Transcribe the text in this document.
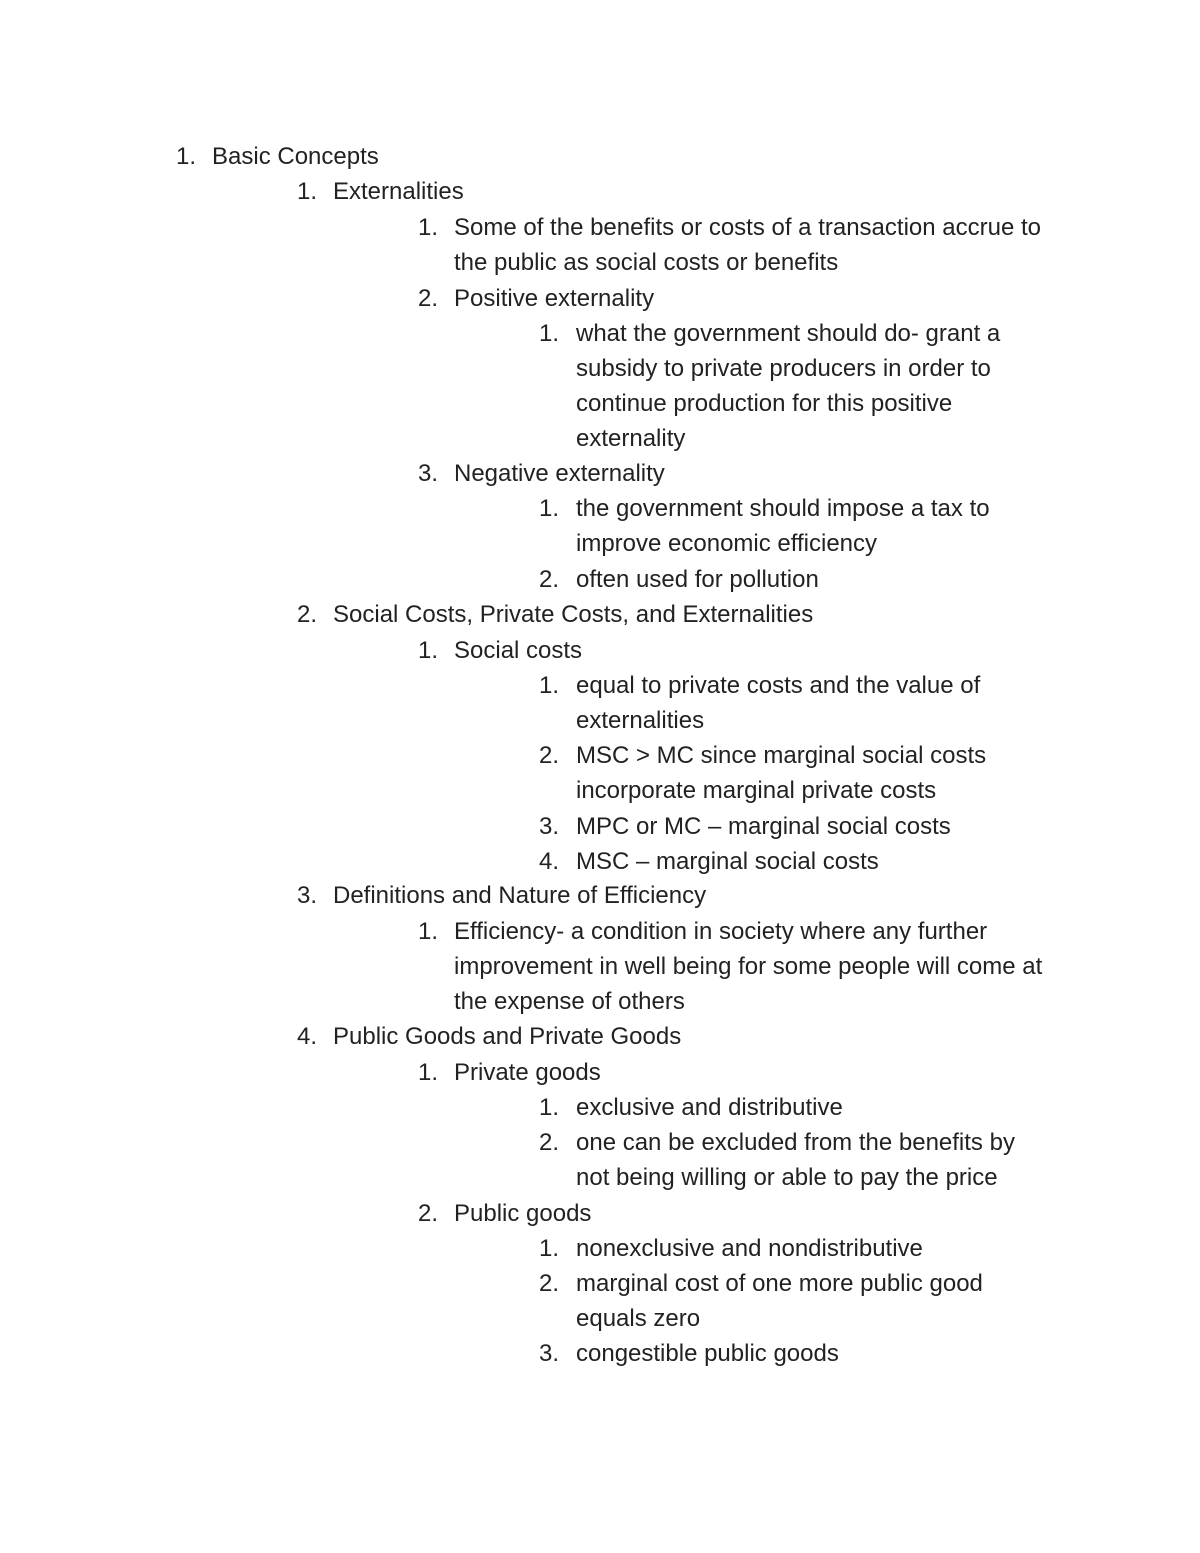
1. Basic Concepts
1. Externalities
1. Some of the benefits or costs of a transaction accrue to the public as social costs or benefits
2. Positive externality
1. what the government should do- grant a subsidy to private producers in order to continue production for this positive externality
3. Negative externality
1. the government should impose a tax to improve economic efficiency
2. often used for pollution
2. Social Costs, Private Costs, and Externalities
1. Social costs
1. equal to private costs and the value of externalities
2. MSC > MC since marginal social costs incorporate marginal private costs
3. MPC or MC – marginal social costs
4. MSC – marginal social costs
3. Definitions and Nature of Efficiency
1. Efficiency- a condition in society where any further improvement in well being for some people will come at the expense of others
4. Public Goods and Private Goods
1. Private goods
1. exclusive and distributive
2. one can be excluded from the benefits by not being willing or able to pay the price
2. Public goods
1. nonexclusive and nondistributive
2. marginal cost of one more public good equals zero
3. congestible public goods
